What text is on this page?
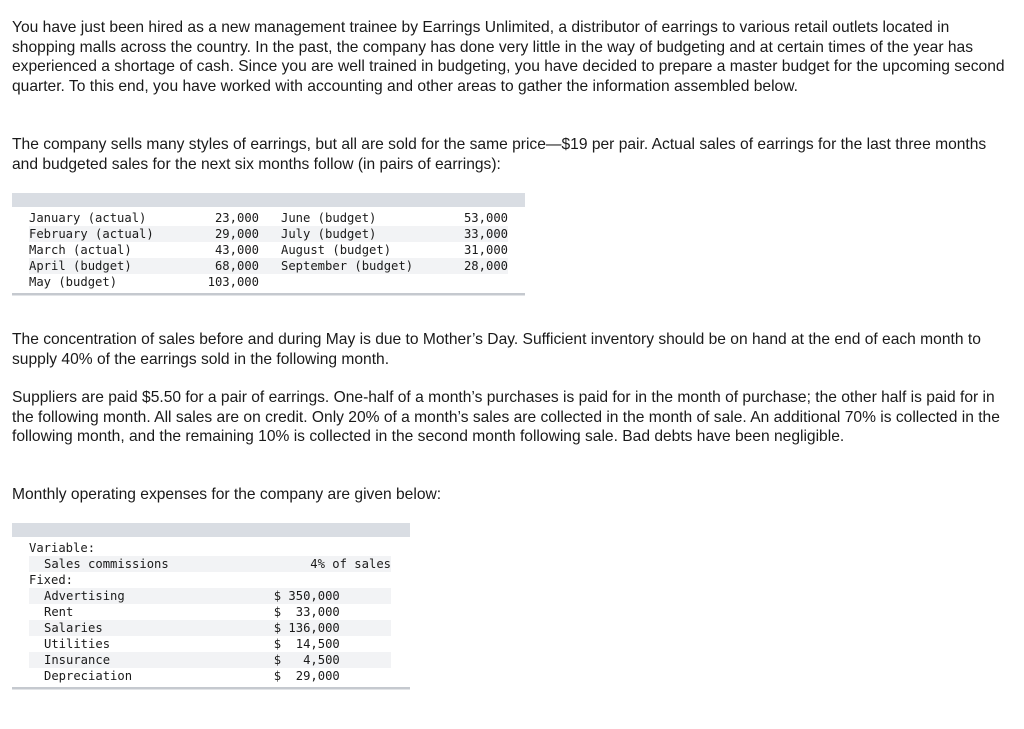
You have just been hired as a new management trainee by Earrings Unlimited, a distributor of earrings to various retail outlets located in shopping malls across the country. In the past, the company has done very little in the way of budgeting and at certain times of the year has experienced a shortage of cash. Since you are well trained in budgeting, you have decided to prepare a master budget for the upcoming second quarter. To this end, you have worked with accounting and other areas to gather the information assembled below.

The company sells many styles of earrings, but all are sold for the same price—$19 per pair. Actual sales of earrings for the last three months and budgeted sales for the next six months follow (in pairs of earrings):

January (actual)	23,000	June (budget)	53,000
February (actual)	29,000	July (budget)	33,000
March (actual)	43,000	August (budget)	31,000
April (budget)	68,000	September (budget)	28,000
May (budget)	103,000		

The concentration of sales before and during May is due to Mother’s Day. Sufficient inventory should be on hand at the end of each month to supply 40% of the earrings sold in the following month.

Suppliers are paid $5.50 for a pair of earrings. One-half of a month’s purchases is paid for in the month of purchase; the other half is paid for in the following month. All sales are on credit. Only 20% of a month’s sales are collected in the month of sale. An additional 70% is collected in the following month, and the remaining 10% is collected in the second month following sale. Bad debts have been negligible.

Monthly operating expenses for the company are given below:

Variable:	
Sales commissions	4% of sales
Fixed:	
Advertising	$ 350,000
Rent	$  33,000
Salaries	$ 136,000
Utilities	$  14,500
Insurance	$   4,500
Depreciation	$  29,000
